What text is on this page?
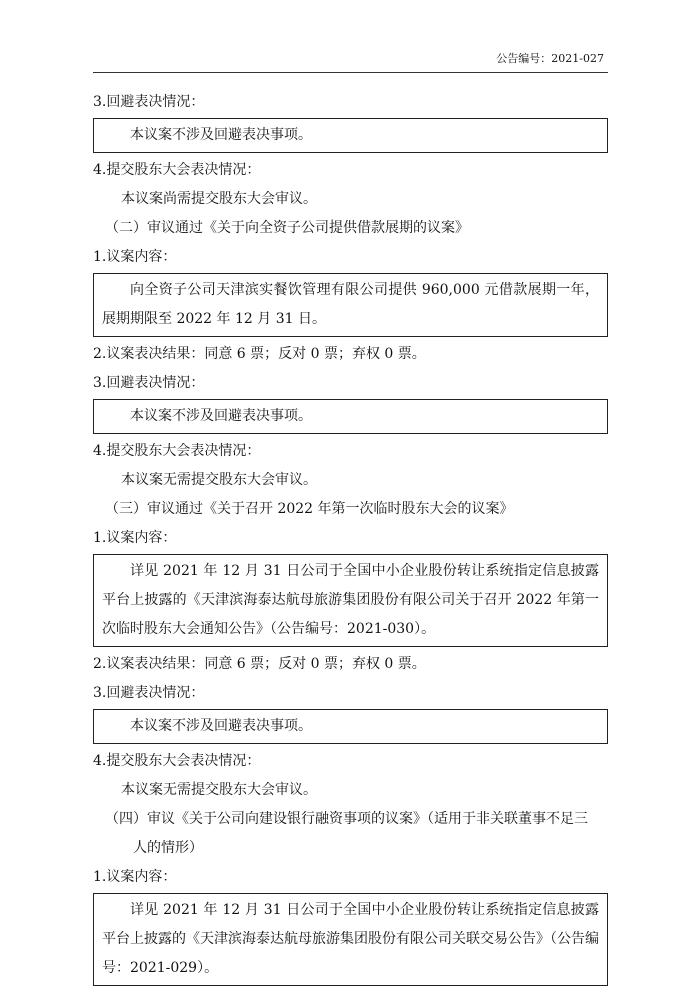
公告编号：2021-027
3.回避表决情况：

本议案不涉及回避表决事项。

4.提交股东大会表决情况：
本议案尚需提交股东大会审议。
（二）审议通过《关于向全资子公司提供借款展期的议案》
1.议案内容：

向全资子公司天津滨实餐饮管理有限公司提供 960,000 元借款展期一年，展期期限至 2022 年 12 月 31 日。

2.议案表决结果：同意 6 票；反对 0 票；弃权 0 票。
3.回避表决情况：

本议案不涉及回避表决事项。

4.提交股东大会表决情况：
本议案无需提交股东大会审议。
（三）审议通过《关于召开 2022 年第一次临时股东大会的议案》
1.议案内容：

详见 2021 年 12 月 31 日公司于全国中小企业股份转让系统指定信息披露平台上披露的《天津滨海泰达航母旅游集团股份有限公司关于召开 2022 年第一次临时股东大会通知公告》（公告编号：2021-030）。

2.议案表决结果：同意 6 票；反对 0 票；弃权 0 票。
3.回避表决情况：

本议案不涉及回避表决事项。

4.提交股东大会表决情况：
本议案无需提交股东大会审议。
（四）审议《关于公司向建设银行融资事项的议案》（适用于非关联董事不足三
人的情形）
1.议案内容：

详见 2021 年 12 月 31 日公司于全国中小企业股份转让系统指定信息披露平台上披露的《天津滨海泰达航母旅游集团股份有限公司关联交易公告》（公告编号：2021-029）。
